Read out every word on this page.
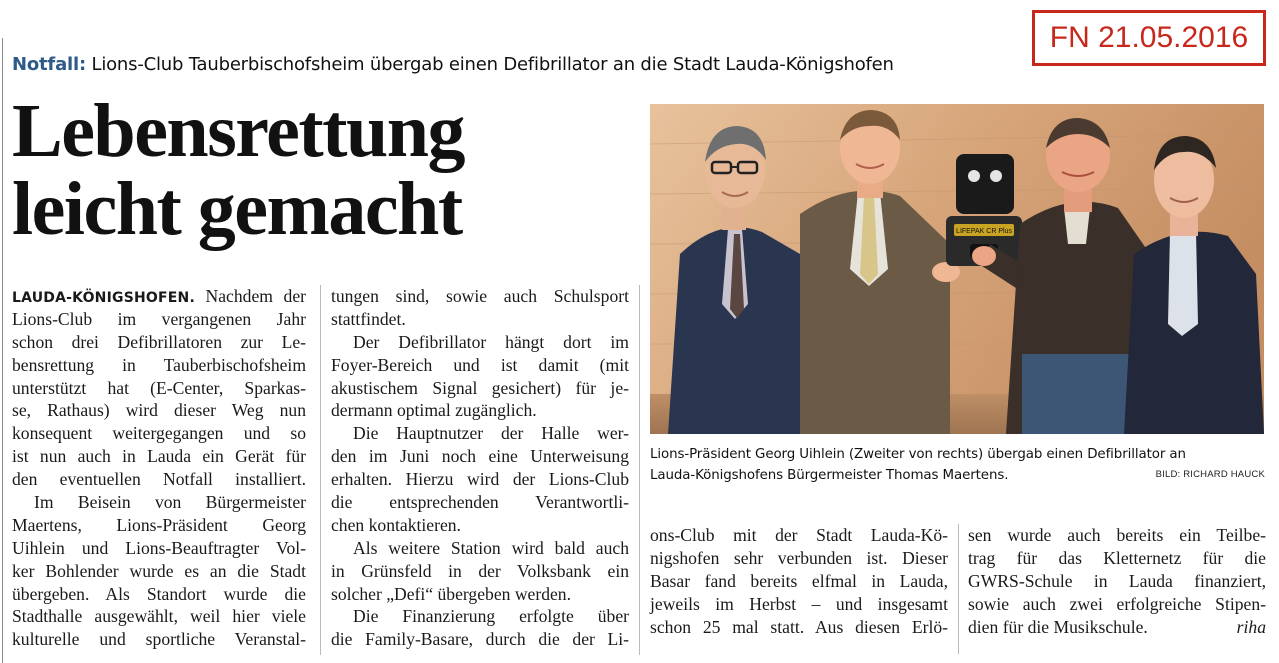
FN 21.05.2016
Notfall: Lions-Club Tauberbischofsheim übergab einen Defibrillator an die Stadt Lauda-Königshofen
Lebensrettung
leicht gemacht	LIFEPAK CR Plus
Lions-Präsident Georg Uihlein (Zweiter von rechts) übergab einen Defibrillator an
Lauda-Königshofens Bürgermeister Thomas Maertens.	BILD: RICHARD HAUCK
LAUDA-KÖNIGSHOFEN. Nachdem der
Lions-Club im vergangenen Jahr
schon drei Defibrillatoren zur Le-
bensrettung in Tauberbischofsheim
unterstützt hat (E-Center, Sparkas-
se, Rathaus) wird dieser Weg nun
konsequent weitergegangen und so
ist nun auch in Lauda ein Gerät für
den eventuellen Notfall installiert.
Im Beisein von Bürgermeister
Maertens, Lions-Präsident Georg
Uihlein und Lions-Beauftragter Vol-
ker Bohlender wurde es an die Stadt
übergeben. Als Standort wurde die
Stadthalle ausgewählt, weil hier viele
kulturelle und sportliche Veranstal-
tungen sind, sowie auch Schulsport
stattfindet.
Der Defibrillator hängt dort im
Foyer-Bereich und ist damit (mit
akustischem Signal gesichert) für je-
dermann optimal zugänglich.
Die Hauptnutzer der Halle wer-
den im Juni noch eine Unterweisung
erhalten. Hierzu wird der Lions-Club
die entsprechenden Verantwortli-
chen kontaktieren.
Als weitere Station wird bald auch
in Grünsfeld in der Volksbank ein
solcher „Defi“ übergeben werden.
Die Finanzierung erfolgte über
die Family-Basare, durch die der Li-
ons-Club mit der Stadt Lauda-Kö-
nigshofen sehr verbunden ist. Dieser
Basar fand bereits elfmal in Lauda,
jeweils im Herbst – und insgesamt
schon 25 mal statt. Aus diesen Erlö-
sen wurde auch bereits ein Teilbe-
trag für das Kletternetz für die
GWRS-Schule in Lauda finanziert,
sowie auch zwei erfolgreiche Stipen-
dien für die Musikschule.	riha
